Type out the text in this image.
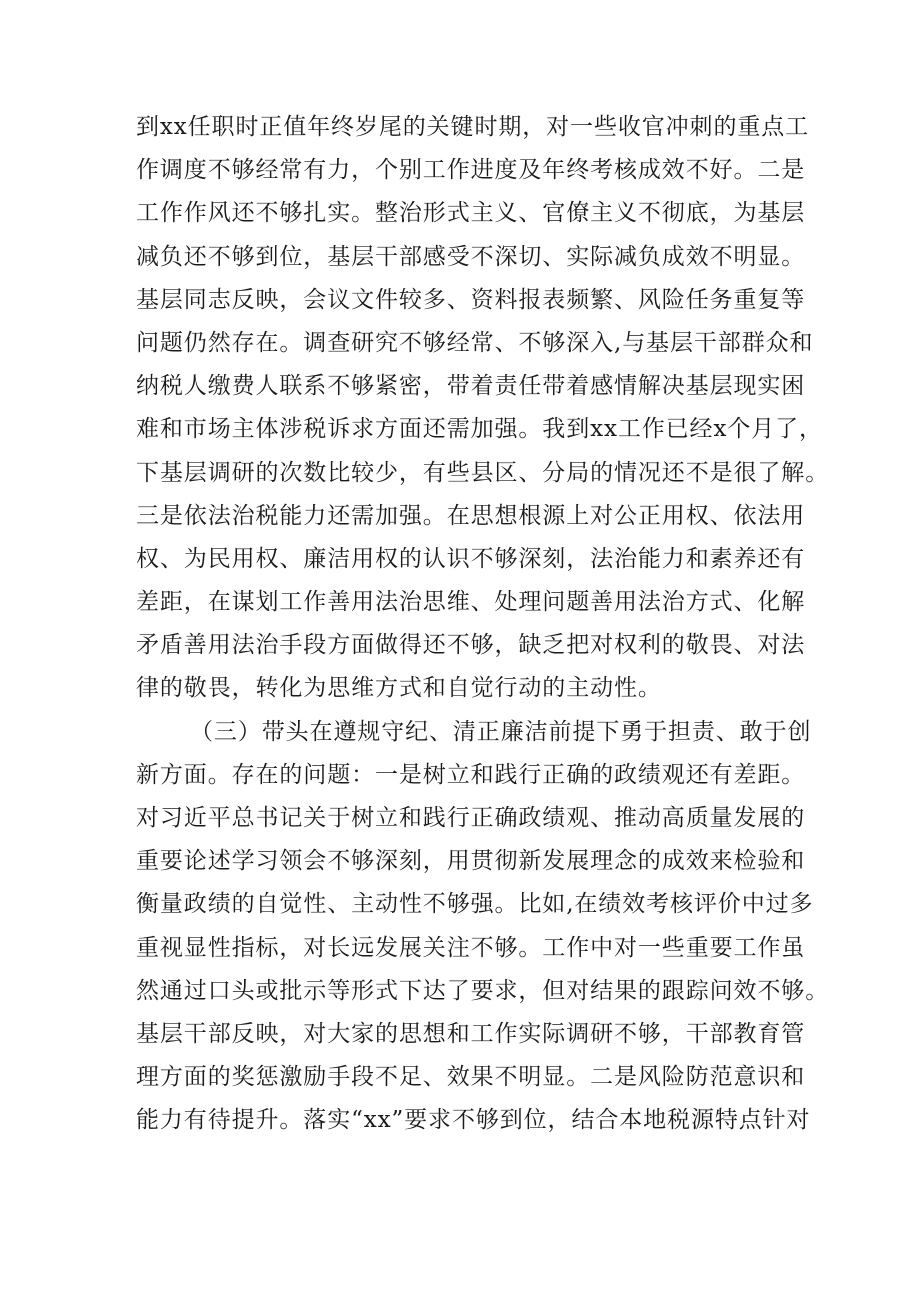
到xx任职时正值年终岁尾的关键时期，对一些收官冲刺的重点工
作调度不够经常有力，个别工作进度及年终考核成效不好。二是
工作作风还不够扎实。整治形式主义、官僚主义不彻底，为基层
减负还不够到位，基层干部感受不深切、实际减负成效不明显。
基层同志反映，会议文件较多、资料报表频繁、风险任务重复等
问题仍然存在。调查研究不够经常、不够深入,与基层干部群众和
纳税人缴费人联系不够紧密，带着责任带着感情解决基层现实困
难和市场主体涉税诉求方面还需加强。我到xx工作已经x个月了，
下基层调研的次数比较少，有些县区、分局的情况还不是很了解。
三是依法治税能力还需加强。在思想根源上对公正用权、依法用
权、为民用权、廉洁用权的认识不够深刻，法治能力和素养还有
差距，在谋划工作善用法治思维、处理问题善用法治方式、化解
矛盾善用法治手段方面做得还不够，缺乏把对权利的敬畏、对法
律的敬畏，转化为思维方式和自觉行动的主动性。
（三）带头在遵规守纪、清正廉洁前提下勇于担责、敢于创
新方面。存在的问题：一是树立和践行正确的政绩观还有差距。
对习近平总书记关于树立和践行正确政绩观、推动高质量发展的
重要论述学习领会不够深刻，用贯彻新发展理念的成效来检验和
衡量政绩的自觉性、主动性不够强。比如,在绩效考核评价中过多
重视显性指标，对长远发展关注不够。工作中对一些重要工作虽
然通过口头或批示等形式下达了要求，但对结果的跟踪问效不够。
基层干部反映，对大家的思想和工作实际调研不够，干部教育管
理方面的奖惩激励手段不足、效果不明显。二是风险防范意识和
能力有待提升。落实“xx”要求不够到位，结合本地税源特点针对
